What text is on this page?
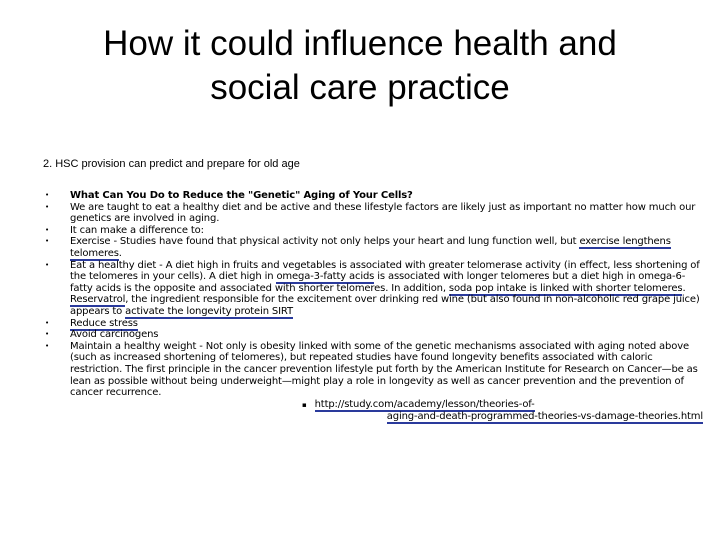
How it could influence health and
social care practice
2. HSC provision can predict and prepare for old age
• What Can You Do to Reduce the "Genetic" Aging of Your Cells?
• We are taught to eat a healthy diet and be active and these lifestyle factors are likely just as important no matter how much our genetics are involved in aging.
• It can make a difference to:
• Exercise - Studies have found that physical activity not only helps your heart and lung function well, but exercise lengthens telomeres.
• Eat a healthy diet - A diet high in fruits and vegetables is associated with greater telomerase activity (in effect, less shortening of the telomeres in your cells). A diet high in omega-3-fatty acids is associated with longer telomeres but a diet high in omega-6-fatty acids is the opposite and associated with shorter telomeres. In addition, soda pop intake is linked with shorter telomeres. Reservatrol, the ingredient responsible for the excitement over drinking red wine (but also found in non-alcoholic red grape juice) appears to activate the longevity protein SIRT
• Reduce stress
• Avoid carcinogens
• Maintain a healthy weight - Not only is obesity linked with some of the genetic mechanisms associated with aging noted above (such as increased shortening of telomeres), but repeated studies have found longevity benefits associated with caloric restriction. The first principle in the cancer prevention lifestyle put forth by the American Institute for Research on Cancer—be as lean as possible without being underweight—might play a role in longevity as well as cancer prevention and the prevention of cancer recurrence.
▪ http://study.com/academy/lesson/theories-of-
aging-and-death-programmed-theories-vs-damage-theories.html
